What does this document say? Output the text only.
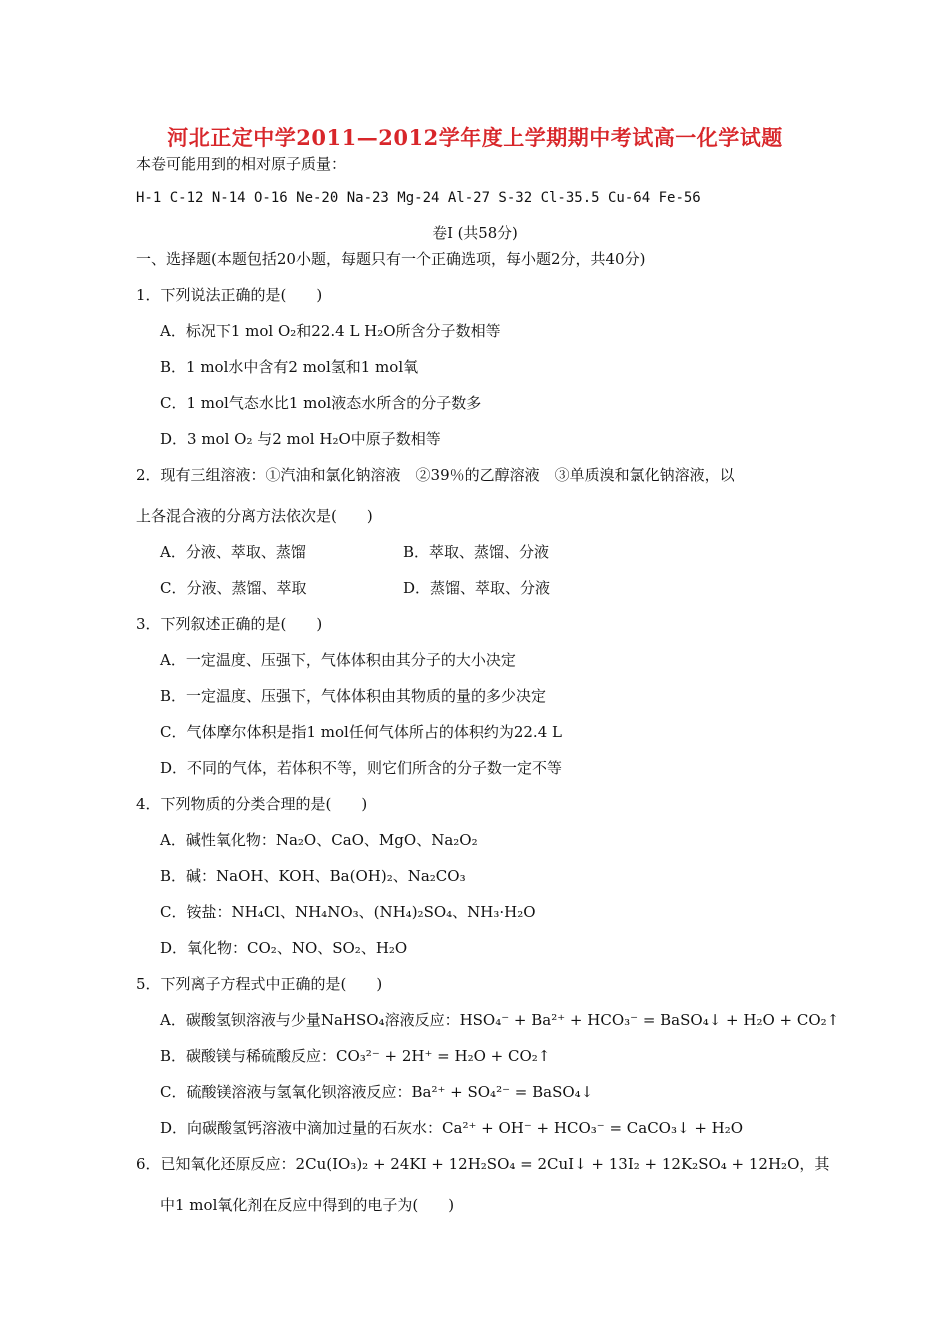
河北正定中学2011—2012学年度上学期期中考试高一化学试题
本卷可能用到的相对原子质量：
H-1 C-12 N-14 O-16 Ne-20 Na-23 Mg-24 Al-27 S-32 Cl-35.5 Cu-64 Fe-56
卷Ⅰ (共58分)
一、选择题(本题包括20小题，每题只有一个正确选项，每小题2分，共40分)
1．下列说法正确的是(　　)
A．标况下1 mol O₂和22.4 L H₂O所含分子数相等
B．1 mol水中含有2 mol氢和1 mol氧
C．1 mol气态水比1 mol液态水所含的分子数多
D．3 mol O₂ 与2 mol H₂O中原子数相等
2．现有三组溶液：①汽油和氯化钠溶液　②39％的乙醇溶液　③单质溴和氯化钠溶液，以
上各混合液的分离方法依次是(　　)
A．分液、萃取、蒸馏	B．萃取、蒸馏、分液
C．分液、蒸馏、萃取	D．蒸馏、萃取、分液
3．下列叙述正确的是(　　)
A．一定温度、压强下，气体体积由其分子的大小决定
B．一定温度、压强下，气体体积由其物质的量的多少决定
C．气体摩尔体积是指1 mol任何气体所占的体积约为22.4 L
D．不同的气体，若体积不等，则它们所含的分子数一定不等
4．下列物质的分类合理的是(　　)
A．碱性氧化物：Na₂O、CaO、MgO、Na₂O₂
B．碱：NaOH、KOH、Ba(OH)₂、Na₂CO₃
C．铵盐：NH₄Cl、NH₄NO₃、(NH₄)₂SO₄、NH₃·H₂O
D．氧化物：CO₂、NO、SO₂、H₂O
5．下列离子方程式中正确的是(　　)
A．碳酸氢钡溶液与少量NaHSO₄溶液反应：HSO₄⁻ + Ba²⁺ + HCO₃⁻ = BaSO₄↓ + H₂O + CO₂↑
B．碳酸镁与稀硫酸反应：CO₃²⁻ + 2H⁺ = H₂O + CO₂↑
C．硫酸镁溶液与氢氧化钡溶液反应：Ba²⁺ + SO₄²⁻ = BaSO₄↓
D．向碳酸氢钙溶液中滴加过量的石灰水：Ca²⁺ + OH⁻ + HCO₃⁻ = CaCO₃↓ + H₂O
6．已知氧化还原反应：2Cu(IO₃)₂ + 24KI + 12H₂SO₄ = 2CuI↓ + 13I₂ + 12K₂SO₄ + 12H₂O，其
中1 mol氧化剂在反应中得到的电子为(　　)
